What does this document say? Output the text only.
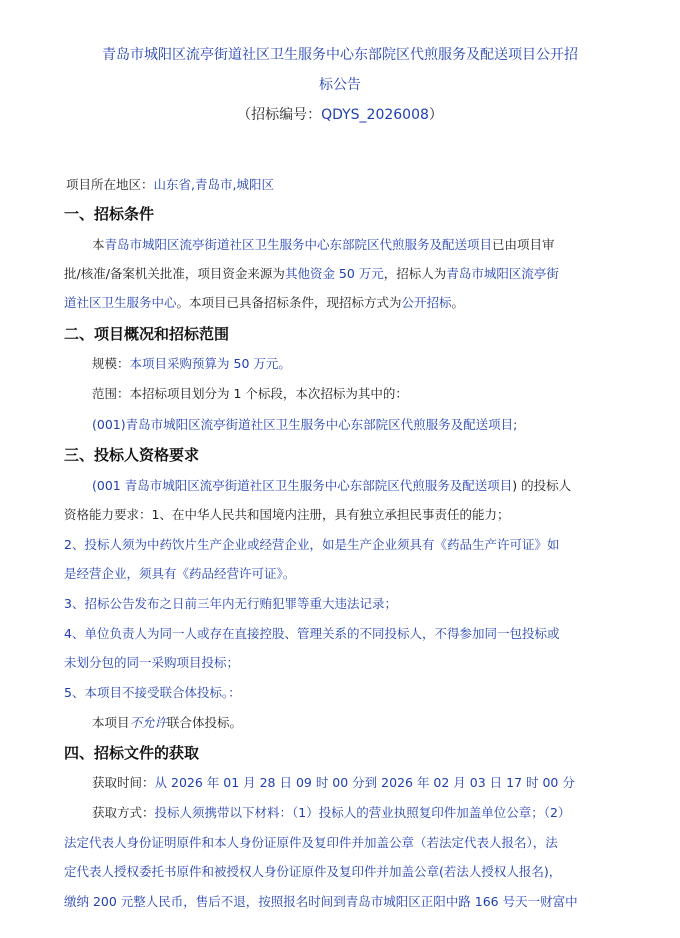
青岛市城阳区流亭街道社区卫生服务中心东部院区代煎服务及配送项目公开招
标公告
（招标编号：QDYS_2026008）
项目所在地区：山东省,青岛市,城阳区
一、招标条件
本青岛市城阳区流亭街道社区卫生服务中心东部院区代煎服务及配送项目已由项目审
批/核准/备案机关批准，项目资金来源为其他资金 50 万元，招标人为青岛市城阳区流亭街
道社区卫生服务中心。本项目已具备招标条件，现招标方式为公开招标。
二、项目概况和招标范围
规模：本项目采购预算为 50 万元。
范围：本招标项目划分为 1 个标段，本次招标为其中的：
(001)青岛市城阳区流亭街道社区卫生服务中心东部院区代煎服务及配送项目;
三、投标人资格要求
(001 青岛市城阳区流亭街道社区卫生服务中心东部院区代煎服务及配送项目) 的投标人
资格能力要求：1、在中华人民共和国境内注册，具有独立承担民事责任的能力；
2、投标人须为中药饮片生产企业或经营企业，如是生产企业须具有《药品生产许可证》如
是经营企业，须具有《药品经营许可证》。
3、招标公告发布之日前三年内无行贿犯罪等重大违法记录；
4、单位负责人为同一人或存在直接控股、管理关系的不同投标人，不得参加同一包投标或
未划分包的同一采购项目投标；
5、本项目不接受联合体投标。：
本项目不允许联合体投标。
四、招标文件的获取
获取时间：从 2026 年 01 月 28 日 09 时 00 分到 2026 年 02 月 03 日 17 时 00 分
获取方式：投标人须携带以下材料：（1）投标人的营业执照复印件加盖单位公章；（2）
法定代表人身份证明原件和本人身份证原件及复印件并加盖公章（若法定代表人报名），法
定代表人授权委托书原件和被授权人身份证原件及复印件并加盖公章(若法人授权人报名)，
缴纳 200 元整人民币，售后不退，按照报名时间到青岛市城阳区正阳中路 166 号天一财富中
